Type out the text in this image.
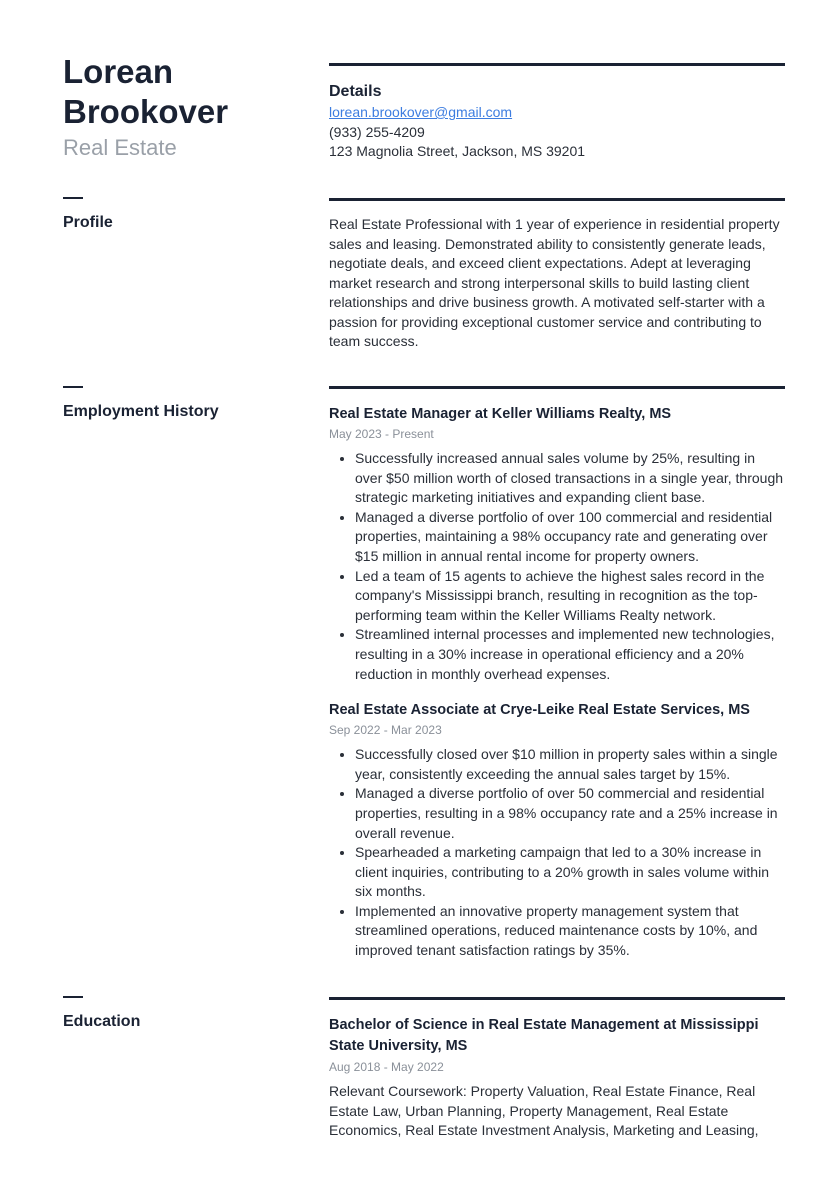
Lorean Brookover
Real Estate
Details
lorean.brookover@gmail.com
(933) 255-4209
123 Magnolia Street, Jackson, MS 39201
Profile	Real Estate Professional with 1 year of experience in residential property sales and leasing. Demonstrated ability to consistently generate leads, negotiate deals, and exceed client expectations. Adept at leveraging market research and strong interpersonal skills to build lasting client relationships and drive business growth. A motivated self-starter with a passion for providing exceptional customer service and contributing to team success.
Employment History	Real Estate Manager at Keller Williams Realty, MS
May 2023 - Present
• Successfully increased annual sales volume by 25%, resulting in over $50 million worth of closed transactions in a single year, through strategic marketing initiatives and expanding client base.
• Managed a diverse portfolio of over 100 commercial and residential properties, maintaining a 98% occupancy rate and generating over $15 million in annual rental income for property owners.
• Led a team of 15 agents to achieve the highest sales record in the company's Mississippi branch, resulting in recognition as the top-performing team within the Keller Williams Realty network.
• Streamlined internal processes and implemented new technologies, resulting in a 30% increase in operational efficiency and a 20% reduction in monthly overhead expenses.
Real Estate Associate at Crye-Leike Real Estate Services, MS
Sep 2022 - Mar 2023
• Successfully closed over $10 million in property sales within a single year, consistently exceeding the annual sales target by 15%.
• Managed a diverse portfolio of over 50 commercial and residential properties, resulting in a 98% occupancy rate and a 25% increase in overall revenue.
• Spearheaded a marketing campaign that led to a 30% increase in client inquiries, contributing to a 20% growth in sales volume within six months.
• Implemented an innovative property management system that streamlined operations, reduced maintenance costs by 10%, and improved tenant satisfaction ratings by 35%.
Education	Bachelor of Science in Real Estate Management at Mississippi State University, MS
Aug 2018 - May 2022
Relevant Coursework: Property Valuation, Real Estate Finance, Real Estate Law, Urban Planning, Property Management, Real Estate Economics, Real Estate Investment Analysis, Marketing and Leasing,
